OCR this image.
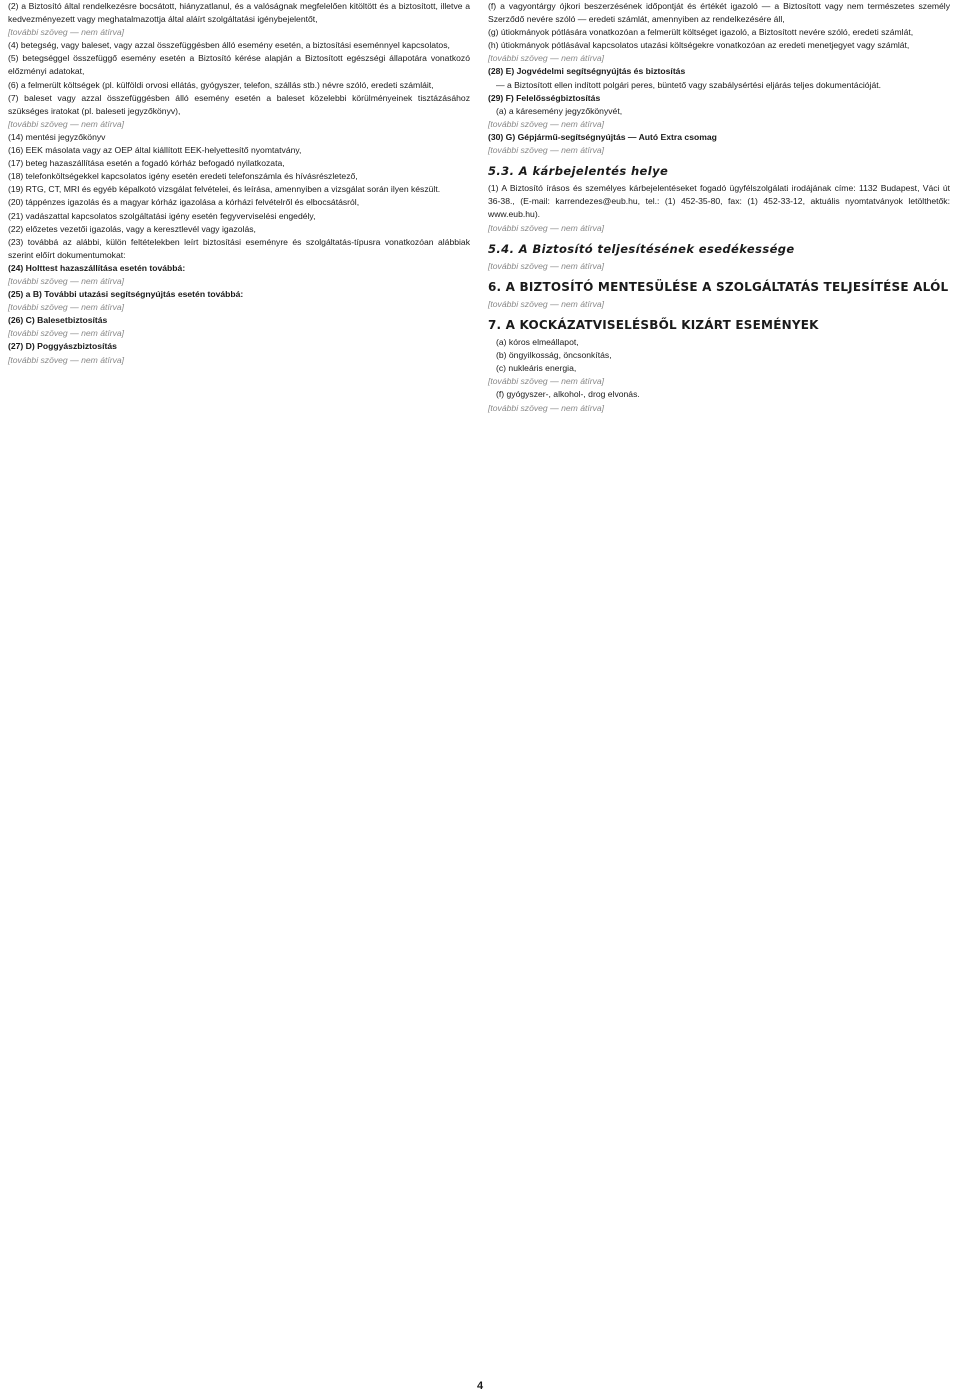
(2) a Biztosító által rendelkezésre bocsátott, hiányzatlanul, és a valóságnak megfelelően kitöltött és a biztosított, illetve a kedvezményezett vagy meghatalmazottja által aláírt szolgáltatási igénybejelentőt,

[további szöveg — nem átírva]

(4) betegség, vagy baleset, vagy azzal összefüggésben álló esemény esetén, a biztosítási eseménnyel kapcsolatos,

(5) betegséggel összefüggő esemény esetén a Biztosító kérése alapján a Biztosított egészségi állapotára vonatkozó előzményi adatokat,

(6) a felmerült költségek (pl. külföldi orvosi ellátás, gyógyszer, telefon, szállás stb.) névre szóló, eredeti számláit,

(7) baleset vagy azzal összefüggésben álló esemény esetén a baleset közelebbi körülményeinek tisztázásához szükséges iratokat (pl. baleseti jegyzőkönyv),

[további szöveg — nem átírva]

(14) mentési jegyzőkönyv

(16) EEK másolata vagy az OEP által kiállított EEK-helyettesítő nyomtatvány,

(17) beteg hazaszállítása esetén a fogadó kórház befogadó nyilatkozata,

(18) telefonköltségekkel kapcsolatos igény esetén eredeti telefonszámla és hívásrészletező,

(19) RTG, CT, MRI és egyéb képalkotó vizsgálat felvételei, és leírása, amennyiben a vizsgálat során ilyen készült.

(20) táppénzes igazolás és a magyar kórház igazolása a kórházi felvételről és elbocsátásról,

(21) vadászattal kapcsolatos szolgáltatási igény esetén fegyverviselési engedély,

(22) előzetes vezetői igazolás, vagy a keresztlevél vagy igazolás,

(23) továbbá az alábbi, külön feltételekben leírt biztosítási eseményre és szolgáltatás-típusra vonatkozóan alábbiak szerint előírt dokumentumokat:

(24) Holttest hazaszállítása esetén továbbá:

[további szöveg — nem átírva]

(25) a B) További utazási segítségnyújtás esetén továbbá:

[további szöveg — nem átírva]

(26) C) Balesetbiztosítás

[további szöveg — nem átírva]

(27) D) Poggyászbiztosítás

[további szöveg — nem átírva]

(f) a vagyontárgy ójkori beszerzésének időpontját és értékét igazoló — a Biztosított vagy nem természetes személy Szerződő nevére szóló — eredeti számlát, amennyiben az rendelkezésére áll,

(g) útiokmányok pótlására vonatkozóan a felmerült költséget igazoló, a Biztosított nevére szóló, eredeti számlát,

(h) útiokmányok pótlásával kapcsolatos utazási költségekre vonatkozóan az eredeti menetjegyet vagy számlát,

[további szöveg — nem átírva]

(28) E) Jogvédelmi segítségnyújtás és biztosítás

— a Biztosított ellen indított polgári peres, büntető vagy szabálysértési eljárás teljes dokumentációját.

(29) F) Felelősségbiztosítás

(a) a káresemény jegyzőkönyvét,

[további szöveg — nem átírva]

(30) G) Gépjármű-segítségnyújtás — Autó Extra csomag

[további szöveg — nem átírva]

5.3. A kárbejelentés helye

(1) A Biztosító írásos és személyes kárbejelentéseket fogadó ügyfélszolgálati irodájának címe: 1132 Budapest, Váci út 36-38., (E-mail: karrendezes@eub.hu, tel.: (1) 452-35-80, fax: (1) 452-33-12, aktuális nyomtatványok letölthetők: www.eub.hu).

[további szöveg — nem átírva]

5.4. A Biztosító teljesítésének esedékessége

[további szöveg — nem átírva]

6. A BIZTOSÍTÓ MENTESÜLÉSE A SZOLGÁLTATÁS TELJESÍTÉSE ALÓL

[további szöveg — nem átírva]

7. A KOCKÁZATVISELÉSBŐL KIZÁRT ESEMÉNYEK

(a) kóros elmeállapot,

(b) öngyilkosság, öncsonkítás,

(c) nukleáris energia,

[további szöveg — nem átírva]

(f) gyógyszer-, alkohol-, drog elvonás.

[további szöveg — nem átírva]

4
